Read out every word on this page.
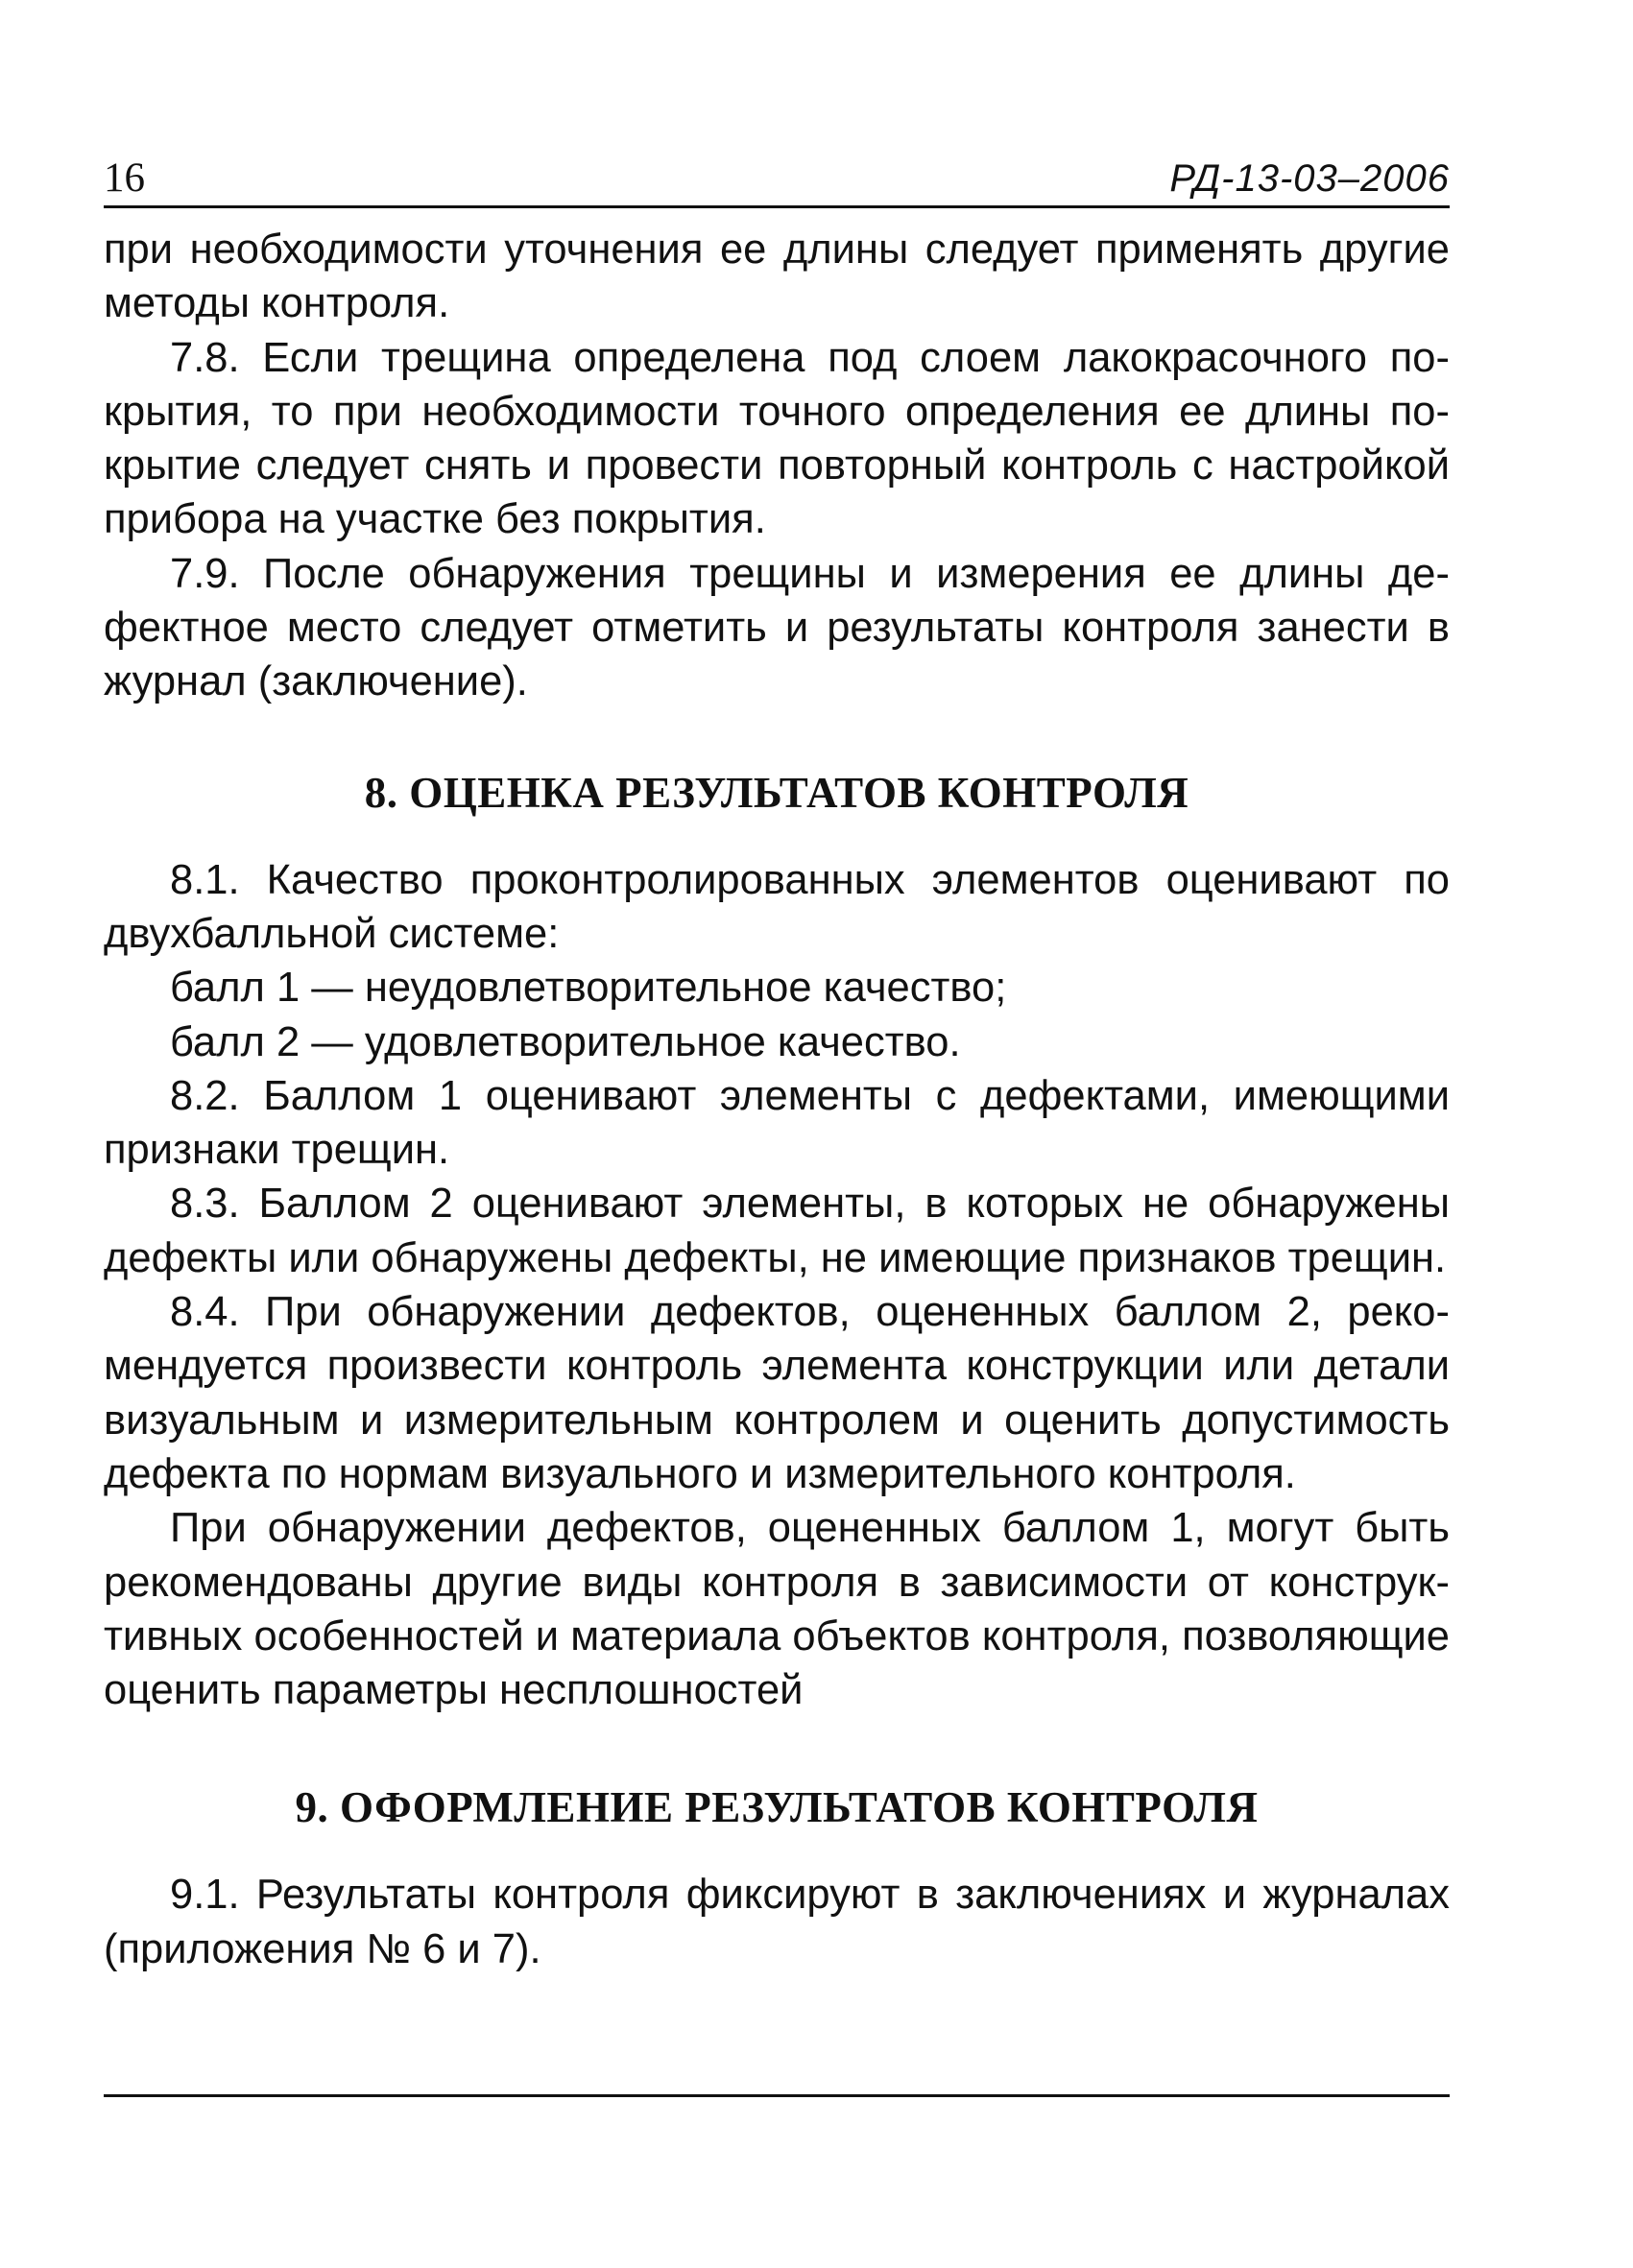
16	РД-13-03–2006

при необходимости уточнения ее длины следует применять другие методы контроля.

7.8. Если трещина определена под слоем лакокрасочного покрытия, то при необходимости точного определения ее длины покрытие следует снять и провести повторный контроль с настройкой прибора на участке без покрытия.

7.9. После обнаружения трещины и измерения ее длины дефектное место следует отметить и результаты контроля занести в журнал (заключение).

8. ОЦЕНКА РЕЗУЛЬТАТОВ КОНТРОЛЯ

8.1. Качество проконтролированных элементов оценивают по двухбалльной системе:

балл 1 — неудовлетворительное качество;

балл 2 — удовлетворительное качество.

8.2. Баллом 1 оценивают элементы с дефектами, имеющими признаки трещин.

8.3. Баллом 2 оценивают элементы, в которых не обнаружены дефекты или обнаружены дефекты, не имеющие признаков трещин.

8.4. При обнаружении дефектов, оцененных баллом 2, рекомендуется произвести контроль элемента конструкции или детали визуальным и измерительным контролем и оценить допустимость дефекта по нормам визуального и измерительного контроля.

При обнаружении дефектов, оцененных баллом 1, могут быть рекомендованы другие виды контроля в зависимости от конструктивных особенностей и материала объектов контроля, позволяющие оценить параметры несплошностей

9. ОФОРМЛЕНИЕ РЕЗУЛЬТАТОВ КОНТРОЛЯ

9.1. Результаты контроля фиксируют в заключениях и журналах (приложения № 6 и 7).
